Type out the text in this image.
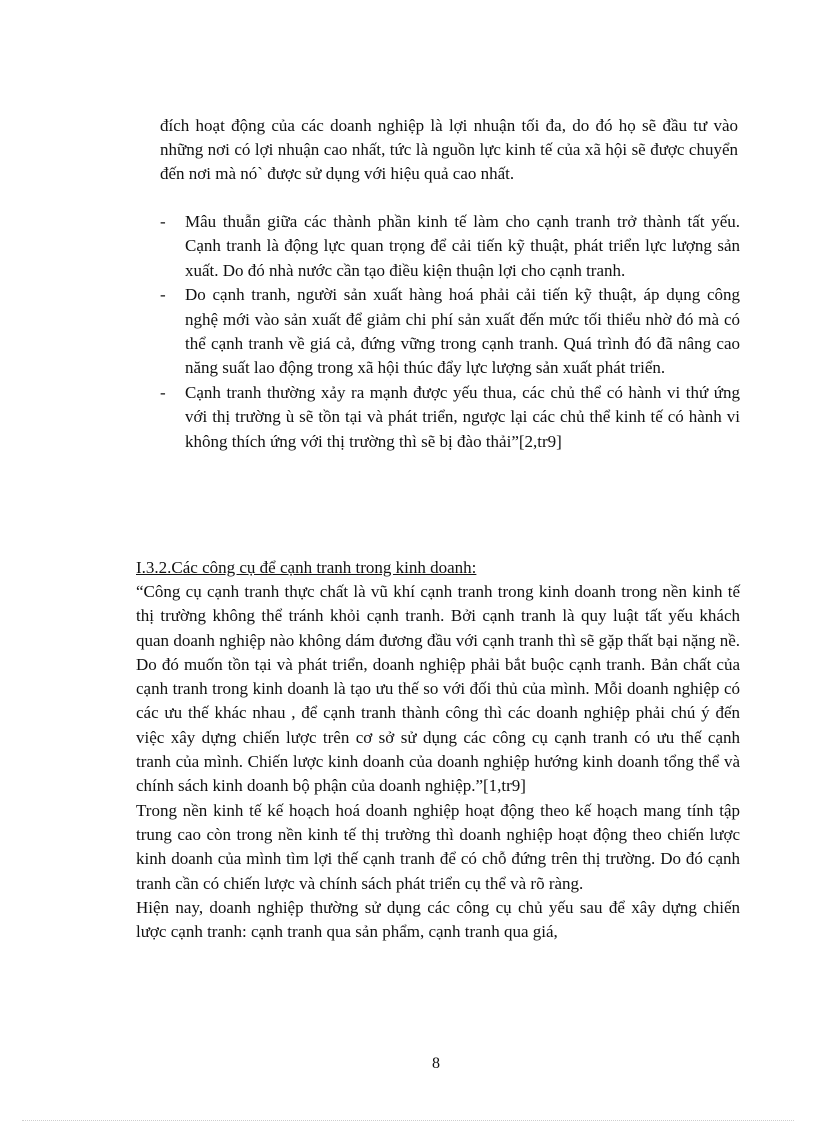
đích hoạt động của các doanh nghiệp là lợi nhuận tối đa, do đó họ sẽ đầu tư vào những nơi có lợi nhuận cao nhất, tức là nguồn lực kinh tế của xã hội sẽ được chuyển đến nơi mà nó` được sử dụng với hiệu quả cao nhất.

- Mâu thuẫn giữa các thành phần kinh tế làm cho cạnh tranh trở thành tất yếu. Cạnh tranh là động lực quan trọng để cải tiến kỹ thuật, phát triển lực lượng sản xuất. Do đó nhà nước cần tạo điều kiện thuận lợi cho cạnh tranh.
- Do cạnh tranh, người sản xuất hàng hoá phải cải tiến kỹ thuật, áp dụng công nghệ mới vào sản xuất để giảm chi phí sản xuất đến mức tối thiểu nhờ đó mà có thể cạnh tranh về giá cả, đứng vững trong cạnh tranh. Quá trình đó đã nâng cao năng suất lao động trong xã hội thúc đẩy lực lượng sản xuất phát triển.
- Cạnh tranh thường xảy ra mạnh được yếu thua, các chủ thể có hành vi thứ ứng với thị trường ù sẽ tồn tại và phát triển, ngược lại các chủ thể kinh tế có hành vi không thích ứng với thị trường thì sẽ bị đào thải”[2,tr9]
I.3.2.Các công cụ để cạnh tranh trong kinh doanh:

“Công cụ cạnh tranh thực chất là vũ khí cạnh tranh trong kinh doanh trong nền kinh tế thị trường không thể tránh khỏi cạnh tranh. Bởi cạnh tranh là quy luật tất yếu khách quan doanh nghiệp nào không dám đương đầu với cạnh tranh thì sẽ gặp thất bại nặng nề. Do đó muốn tồn tại và phát triển, doanh nghiệp phải bắt buộc cạnh tranh. Bản chất của cạnh tranh trong kinh doanh là tạo ưu thế so với đối thủ của mình. Mỗi doanh nghiệp có các ưu thế khác nhau , để cạnh tranh thành công thì các doanh nghiệp phải chú ý đến việc xây dựng chiến lược trên cơ sở sử dụng các công cụ cạnh tranh có ưu thế cạnh tranh của mình. Chiến lược kinh doanh của doanh nghiệp hướng kinh doanh tổng thể và chính sách kinh doanh bộ phận của doanh nghiệp.”[1,tr9]

Trong nền kinh tế kế hoạch hoá doanh nghiệp hoạt động theo kế hoạch mang tính tập trung cao còn trong nền kinh tế thị trường thì doanh nghiệp hoạt động theo chiến lược kinh doanh của mình tìm lợi thế cạnh tranh để có chỗ đứng trên thị trường. Do đó cạnh tranh cần có chiến lược và chính sách phát triển cụ thể và rõ ràng.

Hiện nay, doanh nghiệp thường sử dụng các công cụ chủ yếu sau để xây dựng chiến lược cạnh tranh: cạnh tranh qua sản phẩm, cạnh tranh qua giá,

8
